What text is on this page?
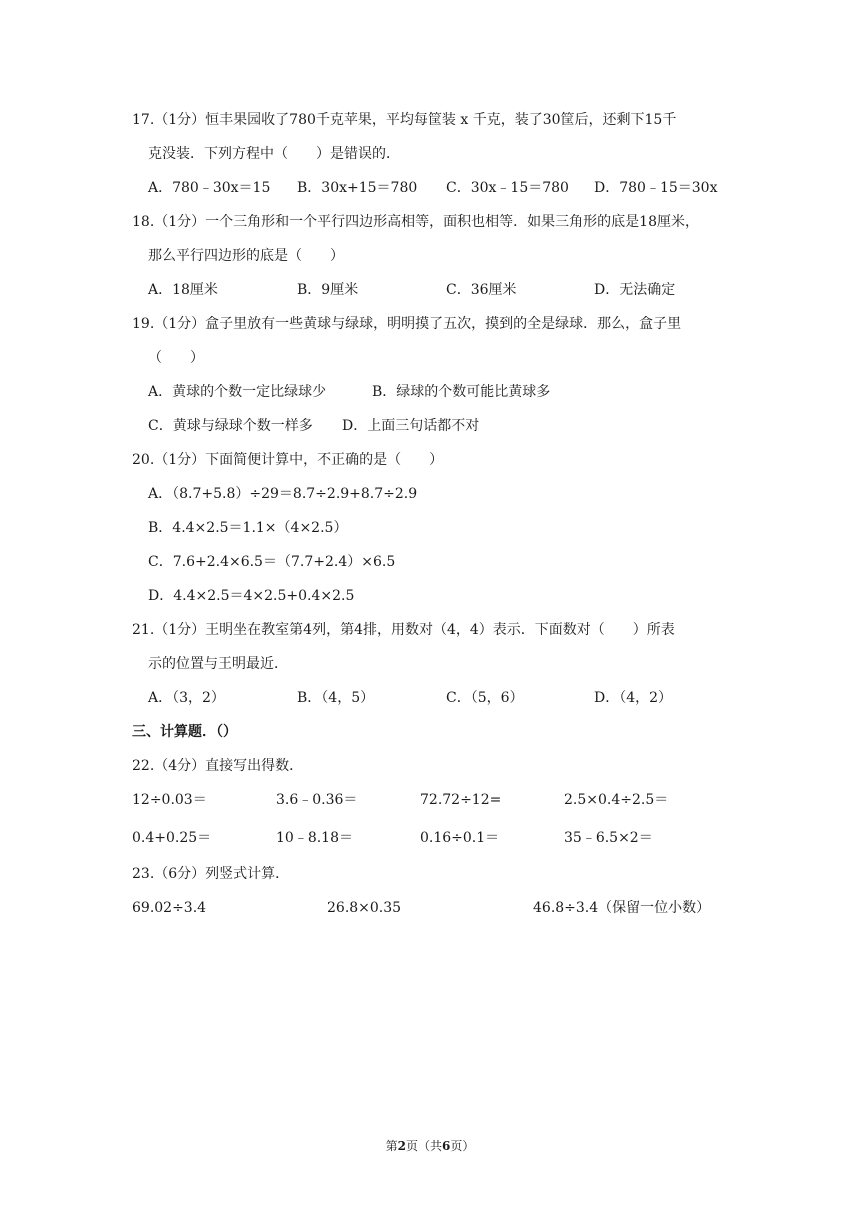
17.（1分）恒丰果园收了780千克苹果，平均每筐装 x 千克，装了30筐后，还剩下15千
克没装．下列方程中（　　）是错误的．
A．780﹣30x＝15 B．30x+15＝780 C．30x﹣15＝780 D．780﹣15＝30x
18.（1分）一个三角形和一个平行四边形高相等，面积也相等．如果三角形的底是18厘米，
那么平行四边形的底是（　　）
A．18厘米	B．9厘米	C．36厘米	D．无法确定
19.（1分）盒子里放有一些黄球与绿球，明明摸了五次，摸到的全是绿球．那么，盒子里
（　　）
A．黄球的个数一定比绿球少	B．绿球的个数可能比黄球多
C．黄球与绿球个数一样多 D．上面三句话都不对
20.（1分）下面简便计算中，不正确的是（　　）
A．（8.7+5.8）÷29＝8.7÷2.9+8.7÷2.9
B．4.4×2.5＝1.1×（4×2.5）
C．7.6+2.4×6.5＝（7.7+2.4）×6.5
D．4.4×2.5＝4×2.5+0.4×2.5
21.（1分）王明坐在教室第4列，第4排，用数对（4，4）表示．下面数对（　　）所表
示的位置与王明最近．
A．（3，2）	B．（4，5）	C．（5，6）	D．（4，2）
三、计算题．（）
22.（4分）直接写出得数．
12÷0.03＝	3.6﹣0.36＝	72.72÷12=	2.5×0.4÷2.5＝
0.4+0.25＝	10﹣8.18＝	0.16÷0.1＝	35﹣6.5×2＝
23.（6分）列竖式计算．
69.02÷3.4	26.8×0.35	46.8÷3.4（保留一位小数）
第2页（共6页）
